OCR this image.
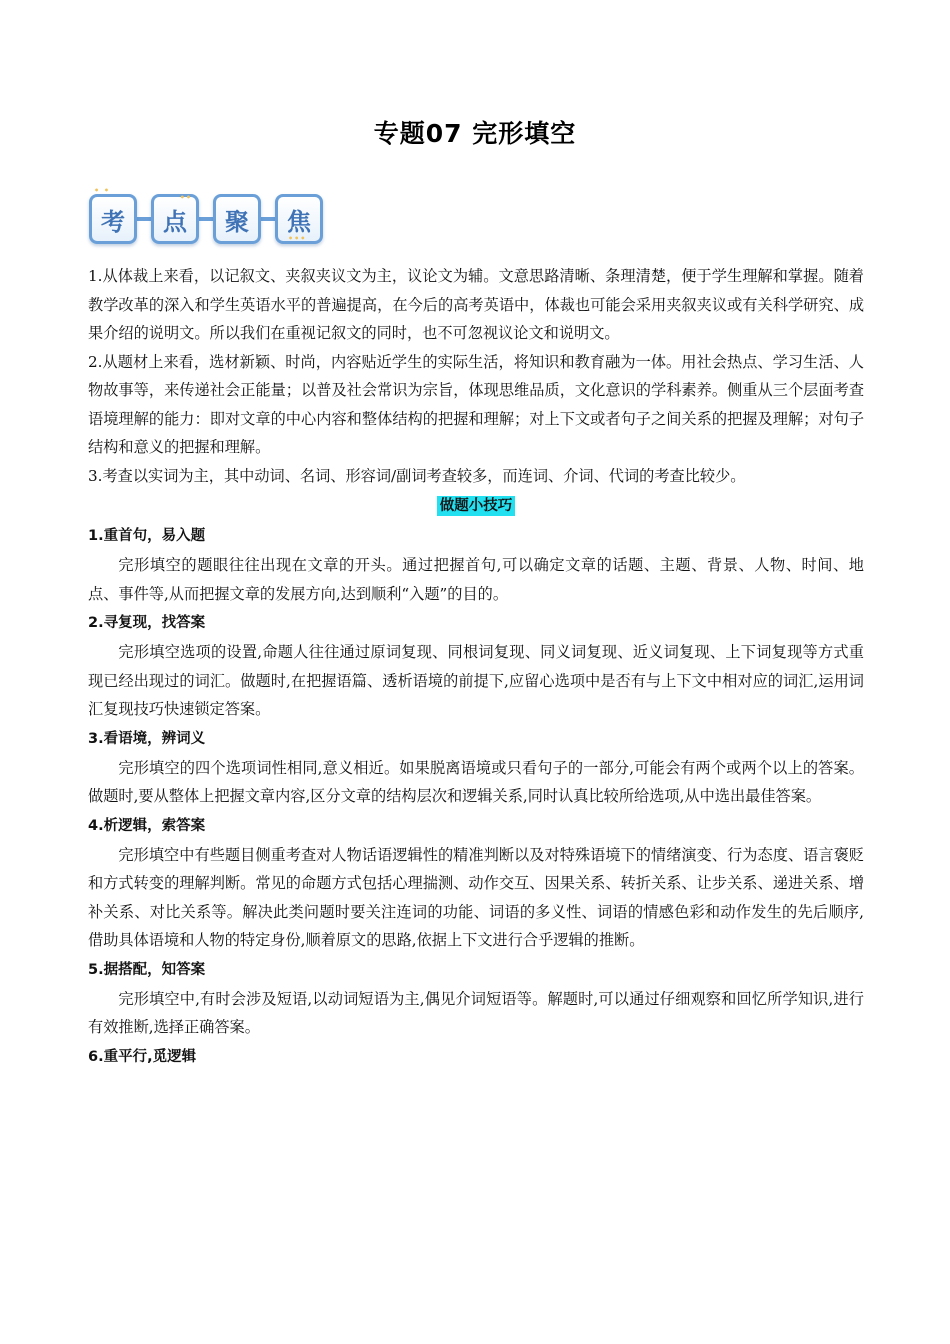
专题07 完形填空
• •
考
••
点 聚
•••
焦

1.从体裁上来看，以记叙文、夹叙夹议文为主，议论文为辅。文意思路清晰、条理清楚，便于学生理解和掌握。随着教学改革的深入和学生英语水平的普遍提高，在今后的高考英语中，体裁也可能会采用夹叙夹议或有关科学研究、成果介绍的说明文。所以我们在重视记叙文的同时，也不可忽视议论文和说明文。

2.从题材上来看，选材新颖、时尚，内容贴近学生的实际生活，将知识和教育融为一体。用社会热点、学习生活、人物故事等，来传递社会正能量；以普及社会常识为宗旨，体现思维品质，文化意识的学科素养。侧重从三个层面考查语境理解的能力：即对文章的中心内容和整体结构的把握和理解；对上下文或者句子之间关系的把握及理解；对句子结构和意义的把握和理解。

3.考查以实词为主，其中动词、名词、形容词/副词考查较多，而连词、介词、代词的考查比较少。

做题小技巧

1.重首句，易入题

完形填空的题眼往往出现在文章的开头。通过把握首句,可以确定文章的话题、主题、背景、人物、时间、地点、事件等,从而把握文章的发展方向,达到顺利“入题”的目的。

2.寻复现，找答案

完形填空选项的设置,命题人往往通过原词复现、同根词复现、同义词复现、近义词复现、上下词复现等方式重现已经出现过的词汇。做题时,在把握语篇、透析语境的前提下,应留心选项中是否有与上下文中相对应的词汇,运用词汇复现技巧快速锁定答案。

3.看语境，辨词义

完形填空的四个选项词性相同,意义相近。如果脱离语境或只看句子的一部分,可能会有两个或两个以上的答案。做题时,要从整体上把握文章内容,区分文章的结构层次和逻辑关系,同时认真比较所给选项,从中选出最佳答案。

4.析逻辑，索答案

完形填空中有些题目侧重考查对人物话语逻辑性的精准判断以及对特殊语境下的情绪演变、行为态度、语言褒贬和方式转变的理解判断。常见的命题方式包括心理揣测、动作交互、因果关系、转折关系、让步关系、递进关系、增补关系、对比关系等。解决此类问题时要关注连词的功能、词语的多义性、词语的情感色彩和动作发生的先后顺序,借助具体语境和人物的特定身份,顺着原文的思路,依据上下文进行合乎逻辑的推断。

5.据搭配，知答案

完形填空中,有时会涉及短语,以动词短语为主,偶见介词短语等。解题时,可以通过仔细观察和回忆所学知识,进行有效推断,选择正确答案。

6.重平行,觅逻辑
